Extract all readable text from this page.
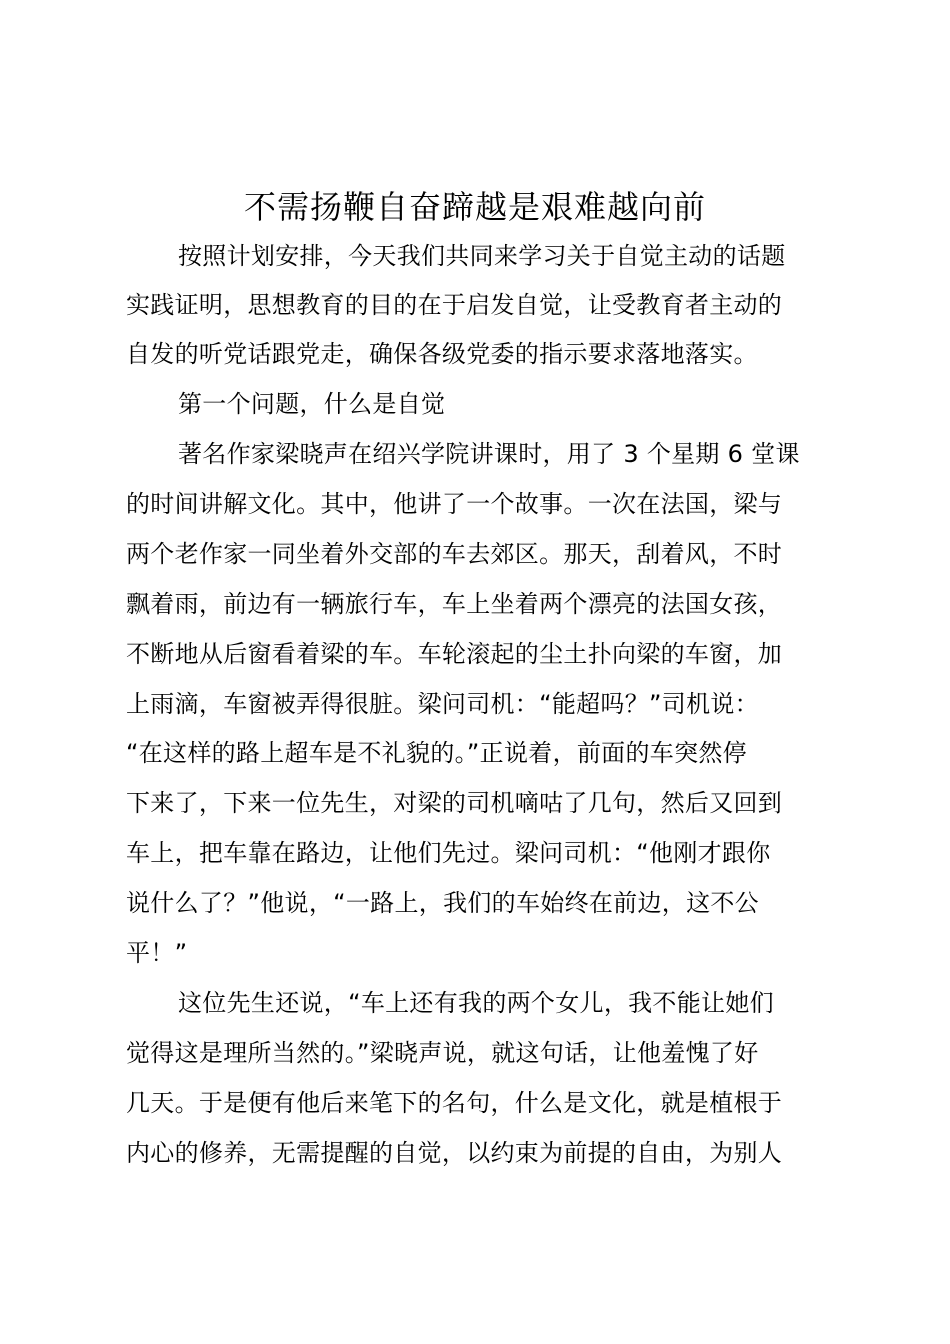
不需扬鞭自奋蹄越是艰难越向前
按照计划安排，今天我们共同来学习关于自觉主动的话题
实践证明，思想教育的目的在于启发自觉，让受教育者主动的
自发的听党话跟党走，确保各级党委的指示要求落地落实。
第一个问题，什么是自觉
著名作家梁晓声在绍兴学院讲课时，用了 3 个星期 6 堂课
的时间讲解文化。其中，他讲了一个故事。一次在法国，梁与
两个老作家一同坐着外交部的车去郊区。那天，刮着风，不时
飘着雨，前边有一辆旅行车，车上坐着两个漂亮的法国女孩，
不断地从后窗看着梁的车。车轮滚起的尘土扑向梁的车窗，加
上雨滴，车窗被弄得很脏。梁问司机：“能超吗？”司机说：
“在这样的路上超车是不礼貌的。”正说着，前面的车突然停
下来了，下来一位先生，对梁的司机嘀咕了几句，然后又回到
车上，把车靠在路边，让他们先过。梁问司机：“他刚才跟你
说什么了？”他说，“一路上，我们的车始终在前边，这不公
平！”
这位先生还说，“车上还有我的两个女儿，我不能让她们
觉得这是理所当然的。”梁晓声说，就这句话，让他羞愧了好
几天。于是便有他后来笔下的名句，什么是文化，就是植根于
内心的修养，无需提醒的自觉，以约束为前提的自由，为别人
